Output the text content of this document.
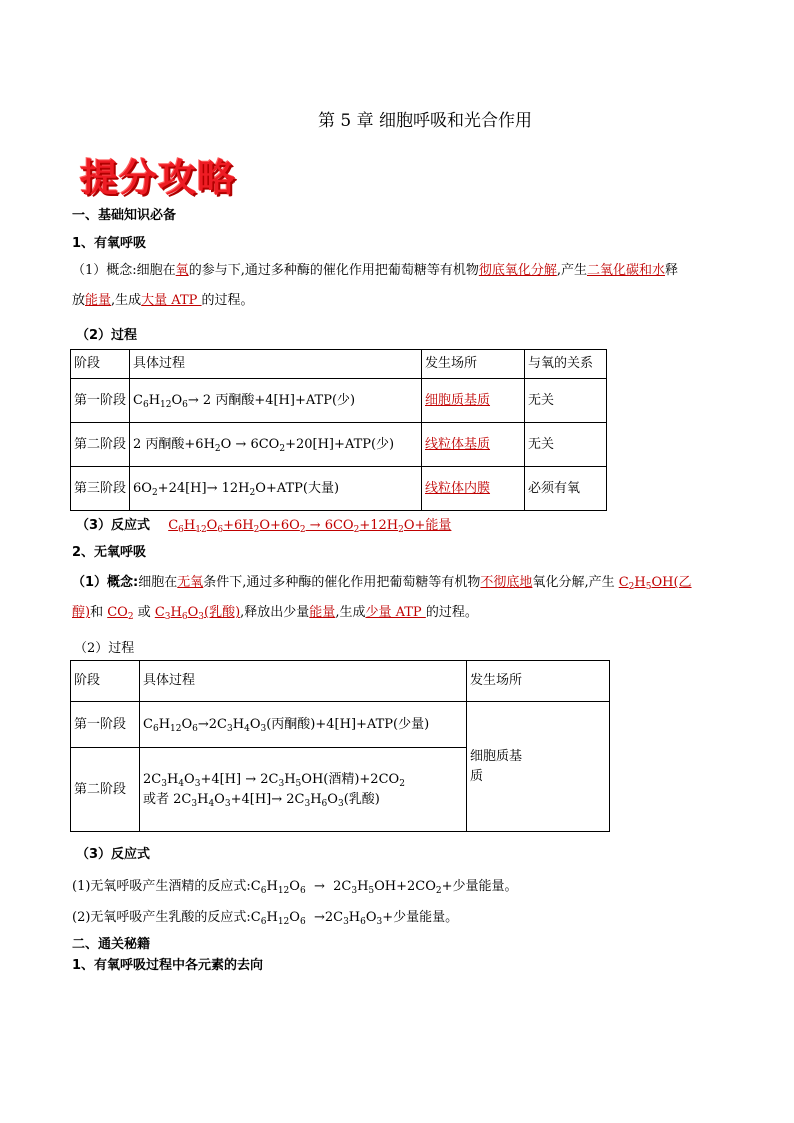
第 5 章 细胞呼吸和光合作用
提分攻略
一、基础知识必备
1、有氧呼吸
（1）概念:细胞在氧的参与下,通过多种酶的催化作用把葡萄糖等有机物彻底氧化分解,产生二氧化碳和水释
放能量,生成大量 ATP 的过程。
（2）过程
阶段	具体过程	发生场所	与氧的关系
第一阶段	$C_6H_{12}O_6\to 2$ 丙酮酸+4[H]+ATP(少)	细胞质基质	无关
第二阶段	2 丙酮酸$+6H_2O \to 6CO_2+20[H]+ATP$(少)	线粒体基质	无关
第三阶段	$6O_2+24[H]\to 12H_2O+ATP$(大量)	线粒体内膜	必须有氧
（3）反应式 $C_6H_{12}O_6+6H_2O+6O_2 \to 6CO_2+12H_2O+$能量
2、无氧呼吸
（1）概念:细胞在无氧条件下,通过多种酶的催化作用把葡萄糖等有机物不彻底地氧化分解,产生 $C_2H_5OH$(乙
醇)和 $CO_2$ 或 $C_3H_6O_3$(乳酸),释放出少量能量,生成少量 ATP 的过程。
（2）过程
阶段	具体过程	发生场所
第一阶段	$C_6H_{12}O_6\to 2C_3H_4O_3$(丙酮酸)+4[H]+ATP(少量)	细胞质基质

第二阶段	$2C_3H_4O_3+4[H] \to 2C_3H_5OH$(酒精)$+2CO_2$
或者 $2C_3H_4O_3+4[H]\to 2C_3H_6O_3$(乳酸)	
（3）反应式
(1)无氧呼吸产生酒精的反应式$:C_6H_{12}O_6 \to 2C_3H_5OH+2CO_2+$少量能量。
(2)无氧呼吸产生乳酸的反应式$:C_6H_{12}O_6 \to 2C_3H_6O_3+$少量能量。
二、通关秘籍
1、有氧呼吸过程中各元素的去向
